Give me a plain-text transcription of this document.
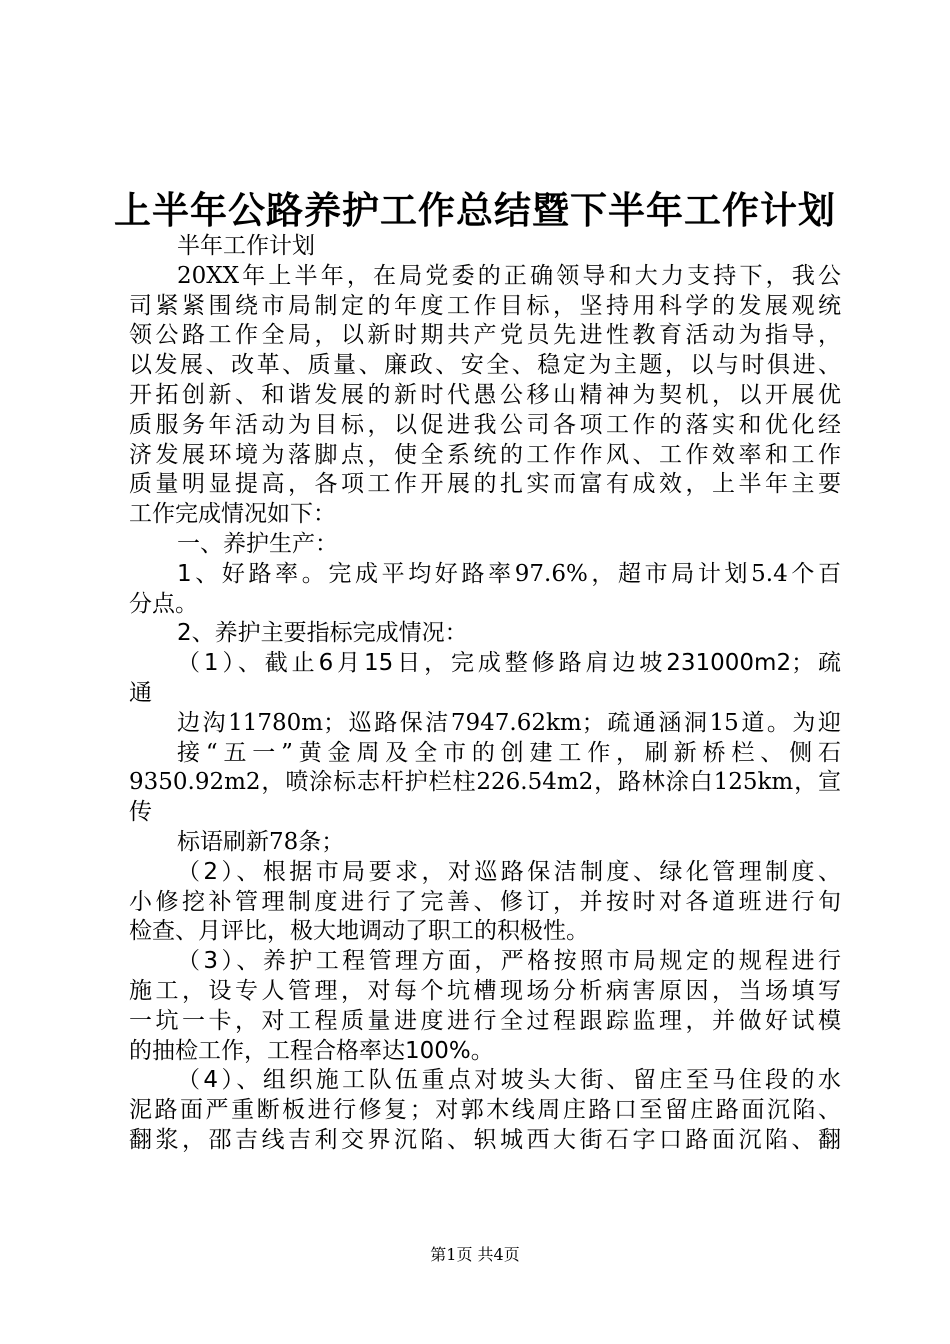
上半年公路养护工作总结暨下半年工作计划
半年工作计划
20XX年上半年，在局党委的正确领导和大力支持下，我公
司紧紧围绕市局制定的年度工作目标，坚持用科学的发展观统
领公路工作全局，以新时期共产党员先进性教育活动为指导，
以发展、改革、质量、廉政、安全、稳定为主题，以与时俱进、
开拓创新、和谐发展的新时代愚公移山精神为契机，以开展优
质服务年活动为目标，以促进我公司各项工作的落实和优化经
济发展环境为落脚点，使全系统的工作作风、工作效率和工作
质量明显提高，各项工作开展的扎实而富有成效，上半年主要
工作完成情况如下：
一、养护生产：
1、好路率。完成平均好路率97.6%，超市局计划5.4个百
分点。
2、养护主要指标完成情况：
（1）、截止6月15日，完成整修路肩边坡231000m2；疏
通
边沟11780m；巡路保洁7947.62km；疏通涵洞15道。为迎
接“五一”黄金周及全市的创建工作，刷新桥栏、侧石
9350.92m2，喷涂标志杆护栏柱226.54m2，路林涂白125km，宣
传
标语刷新78条；
（2）、根据市局要求，对巡路保洁制度、绿化管理制度、
小修挖补管理制度进行了完善、修订，并按时对各道班进行旬
检查、月评比，极大地调动了职工的积极性。
（3）、养护工程管理方面，严格按照市局规定的规程进行
施工，设专人管理，对每个坑槽现场分析病害原因，当场填写
一坑一卡，对工程质量进度进行全过程跟踪监理，并做好试模
的抽检工作，工程合格率达100%。
（4）、组织施工队伍重点对坡头大街、留庄至马住段的水
泥路面严重断板进行修复；对郭木线周庄路口至留庄路面沉陷、
翻浆，邵吉线吉利交界沉陷、轵城西大街石字口路面沉陷、翻
第1页 共4页
